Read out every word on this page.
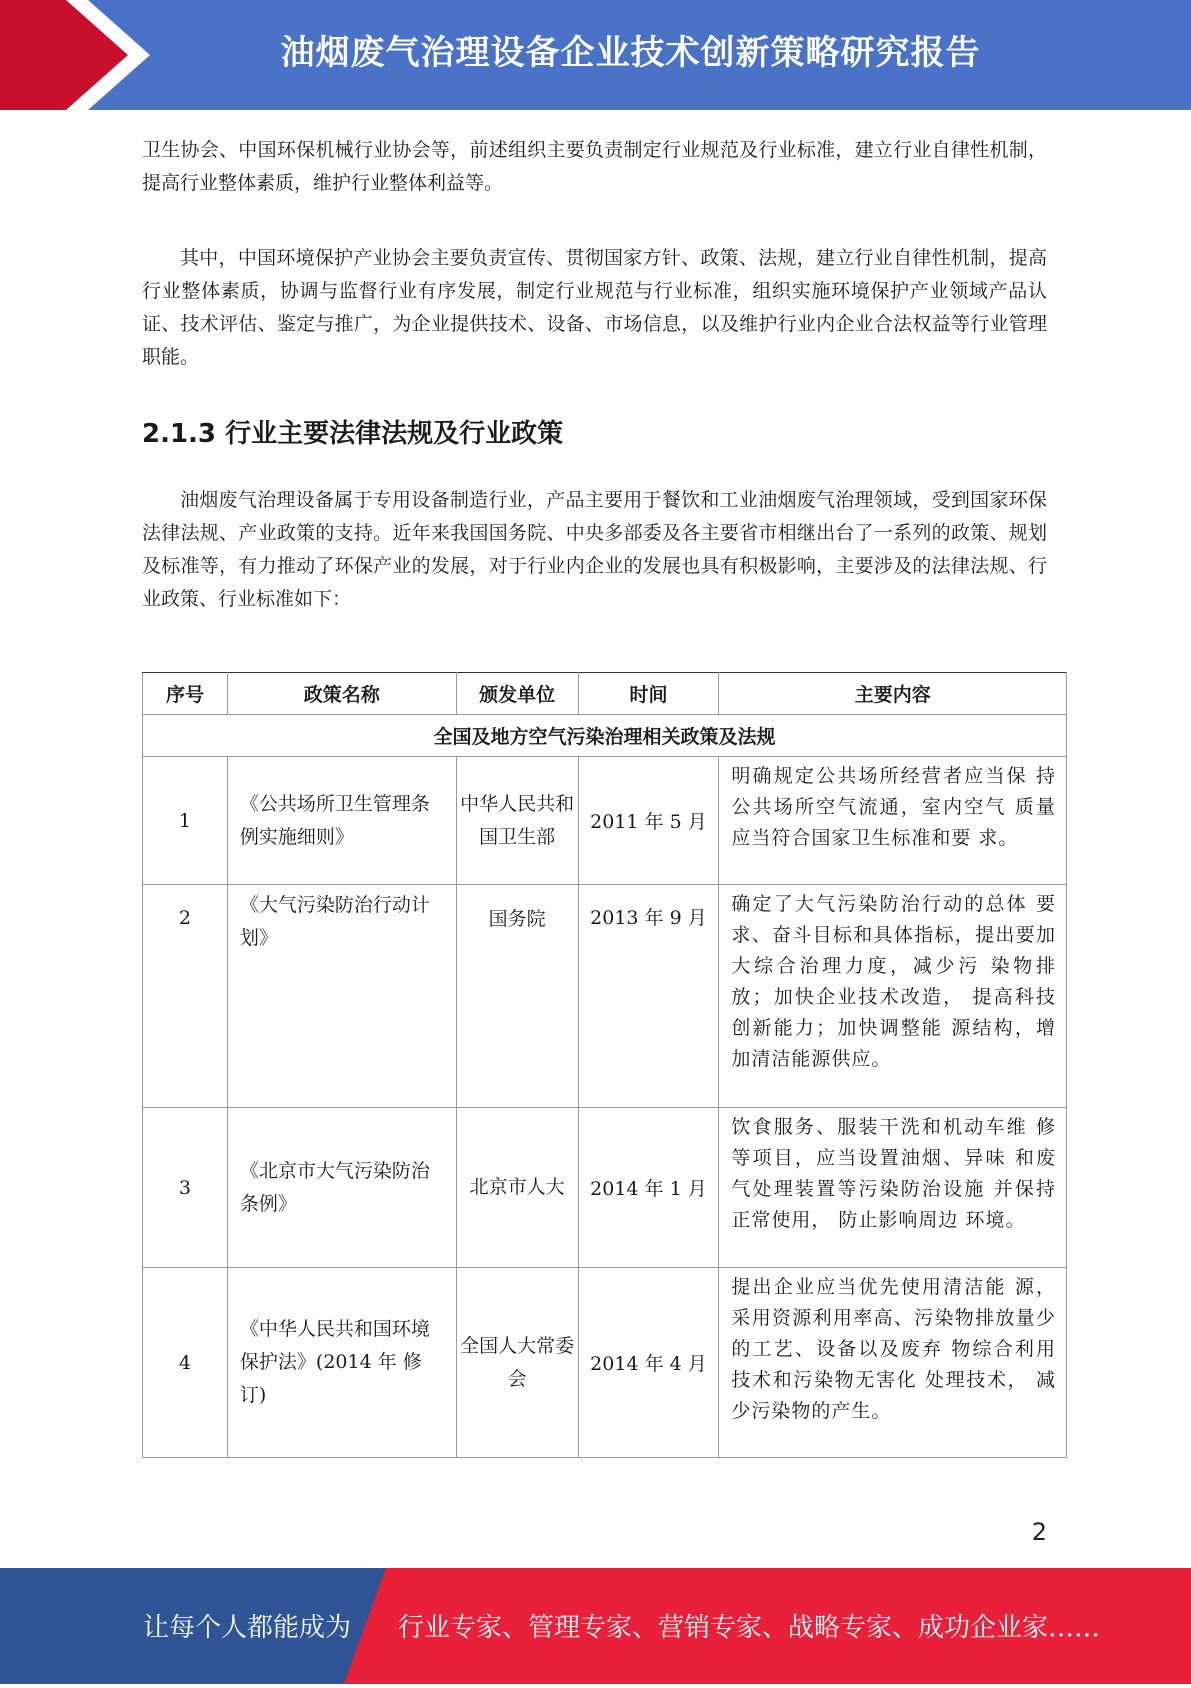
油烟废气治理设备企业技术创新策略研究报告

卫生协会、中国环保机械行业协会等，前述组织主要负责制定行业规范及行业标准，建立行业自律性机制，提高行业整体素质，维护行业整体利益等。

其中，中国环境保护产业协会主要负责宣传、贯彻国家方针、政策、法规，建立行业自律性机制，提高行业整体素质，协调与监督行业有序发展，制定行业规范与行业标准，组织实施环境保护产业领域产品认证、技术评估、鉴定与推广，为企业提供技术、设备、市场信息，以及维护行业内企业合法权益等行业管理职能。

2.1.3 行业主要法律法规及行业政策

油烟废气治理设备属于专用设备制造行业，产品主要用于餐饮和工业油烟废气治理领域，受到国家环保法律法规、产业政策的支持。近年来我国国务院、中央多部委及各主要省市相继出台了一系列的政策、规划及标准等，有力推动了环保产业的发展，对于行业内企业的发展也具有积极影响，主要涉及的法律法规、行业政策、行业标准如下：

序号	政策名称	颁发单位	时间	主要内容
全国及地方空气污染治理相关政策及法规				
1	《公共场所卫生管理条例实施细则》	中华人民共和国卫生部	2011 年 5 月	明确规定公共场所经营者应当保 持公共场所空气流通，室内空气 质量应当符合国家卫生标准和要 求。
2	《大气污染防治行动计划》	国务院	2013 年 9 月	确定了大气污染防治行动的总体 要求、奋斗目标和具体指标，提出要加大综合治理力度，减少污 染物排放；加快企业技术改造， 提高科技创新能力；加快调整能 源结构，增加清洁能源供应。
3	《北京市大气污染防治条例》	北京市人大	2014 年 1 月	饮食服务、服装干洗和机动车维 修等项目，应当设置油烟、异味 和废气处理装置等污染防治设施 并保持正常使用， 防止影响周边 环境。
4	《中华人民共和国环境保护法》(2014 年 修订)	全国人大常委会	2014 年 4 月	提出企业应当优先使用清洁能 源，采用资源利用率高、污染物排放量少的工艺、设备以及废弃 物综合利用技术和污染物无害化 处理技术， 减少污染物的产生。
2
让每个人都能成为 行业专家、管理专家、营销专家、战略专家、成功企业家……
